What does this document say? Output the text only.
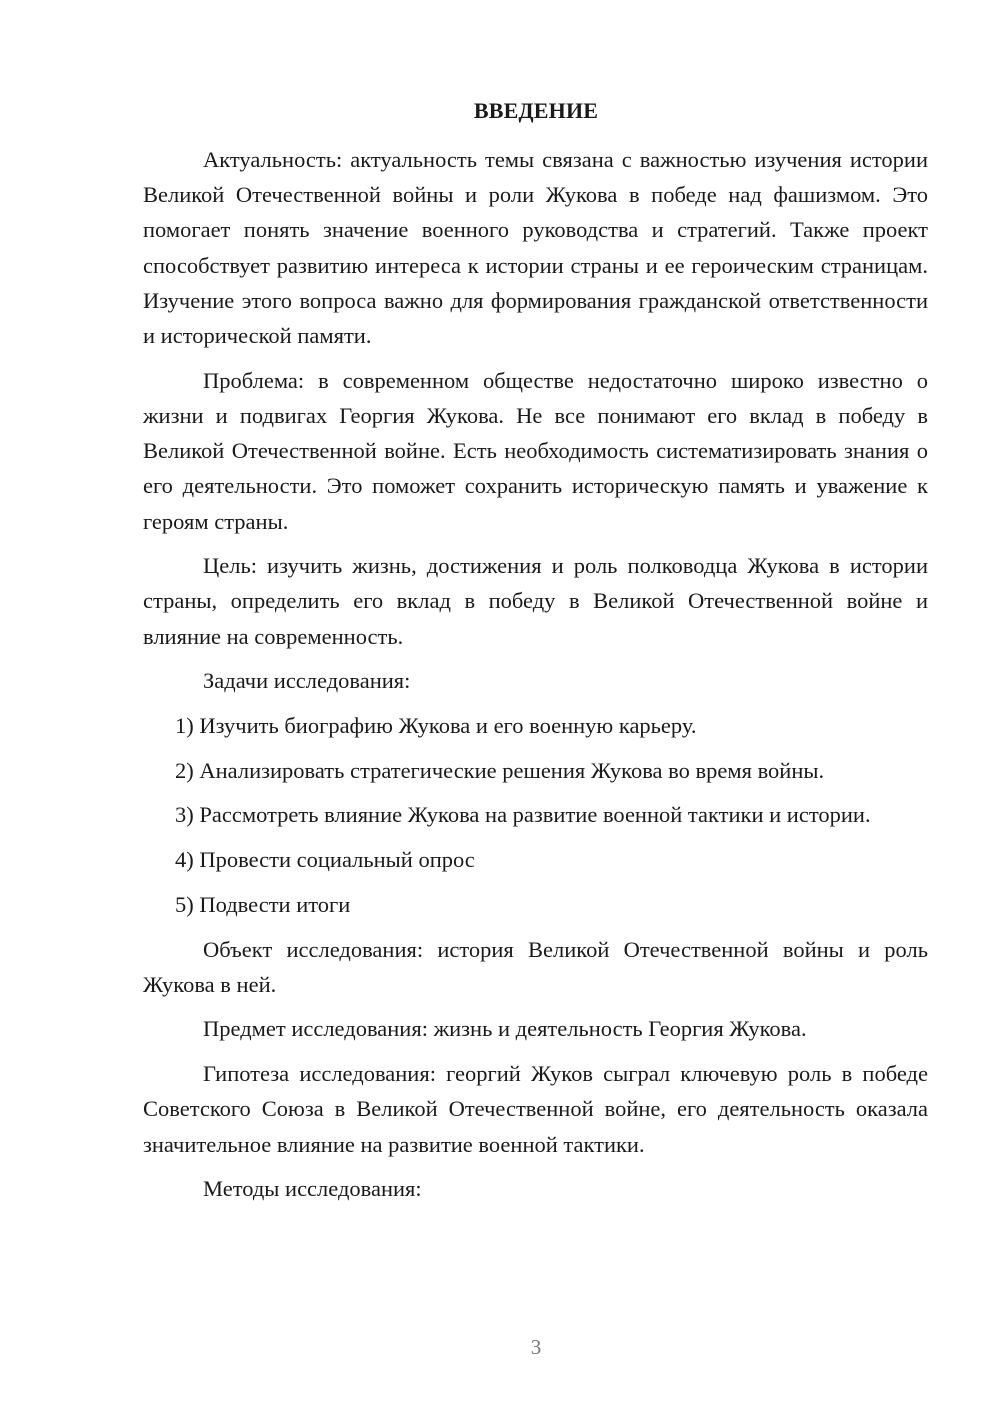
ВВЕДЕНИЕ

Актуальность: актуальность темы связана с важностью изучения истории Великой Отечественной войны и роли Жукова в победе над фашизмом. Это помогает понять значение военного руководства и стратегий. Также проект способствует развитию интереса к истории страны и ее героическим страницам. Изучение этого вопроса важно для формирования гражданской ответственности и исторической памяти.

Проблема: в современном обществе недостаточно широко известно о жизни и подвигах Георгия Жукова. Не все понимают его вклад в победу в Великой Отечественной войне. Есть необходимость систематизировать знания о его деятельности. Это поможет сохранить историческую память и уважение к героям страны.

Цель: изучить жизнь, достижения и роль полководца Жукова в истории страны, определить его вклад в победу в Великой Отечественной войне и влияние на современность.

Задачи исследования:

1) Изучить биографию Жукова и его военную карьеру.

2) Анализировать стратегические решения Жукова во время войны.

3) Рассмотреть влияние Жукова на развитие военной тактики и истории.

4) Провести социальный опрос

5) Подвести итоги

Объект исследования: история Великой Отечественной войны и роль Жукова в ней.

Предмет исследования: жизнь и деятельность Георгия Жукова.

Гипотеза исследования: георгий Жуков сыграл ключевую роль в победе Советского Союза в Великой Отечественной войне, его деятельность оказала значительное влияние на развитие военной тактики.

Методы исследования:

3
